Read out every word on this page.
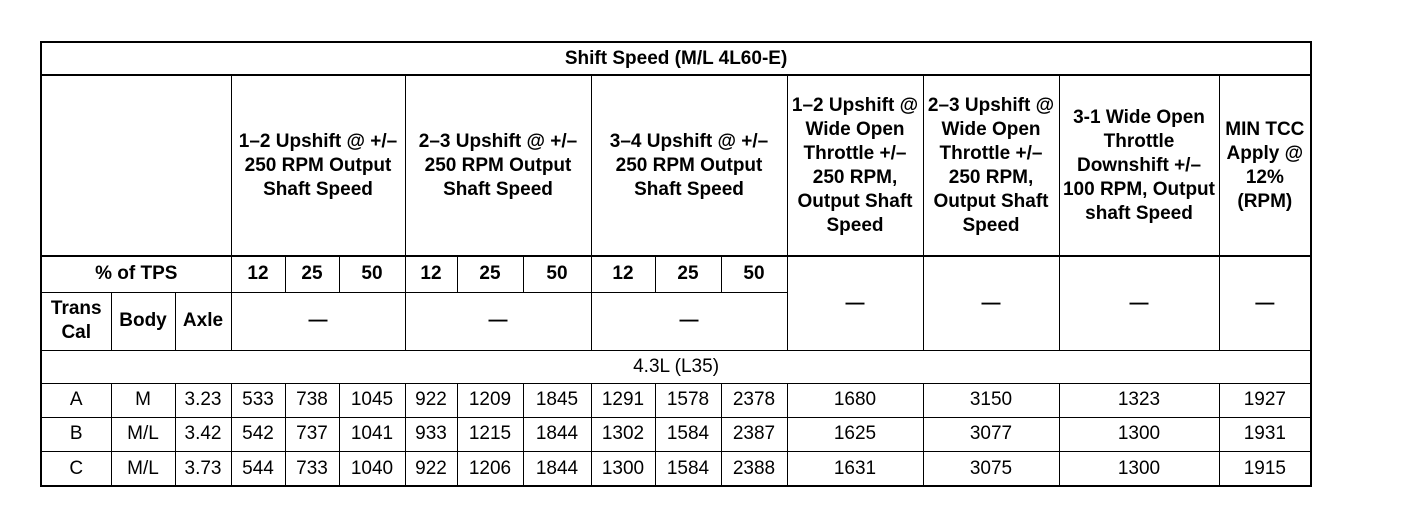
Shift Speed (M/L 4L60-E)															
			1–2 Upshift @ +/– 250 RPM Output Shaft Speed			2–3 Upshift @ +/– 250 RPM Output Shaft Speed			3–4 Upshift @ +/– 250 RPM Output Shaft Speed			1–2 Upshift @ Wide Open Throttle +/– 250 RPM, Output Shaft Speed	2–3 Upshift @ Wide Open Throttle +/– 250 RPM, Output Shaft Speed	3-1 Wide Open Throttle Downshift +/– 100 RPM, Output shaft Speed	MIN TCC Apply @ 12% (RPM)
% of TPS			12	25	50	12	25	50	12	25	50	—	—	—	—
Trans Cal	Body	Axle	—			—			—						
4.3L (L35)															
A	M	3.23	533	738	1045	922	1209	1845	1291	1578	2378	1680	3150	1323	1927
B	M/L	3.42	542	737	1041	933	1215	1844	1302	1584	2387	1625	3077	1300	1931
C	M/L	3.73	544	733	1040	922	1206	1844	1300	1584	2388	1631	3075	1300	1915
